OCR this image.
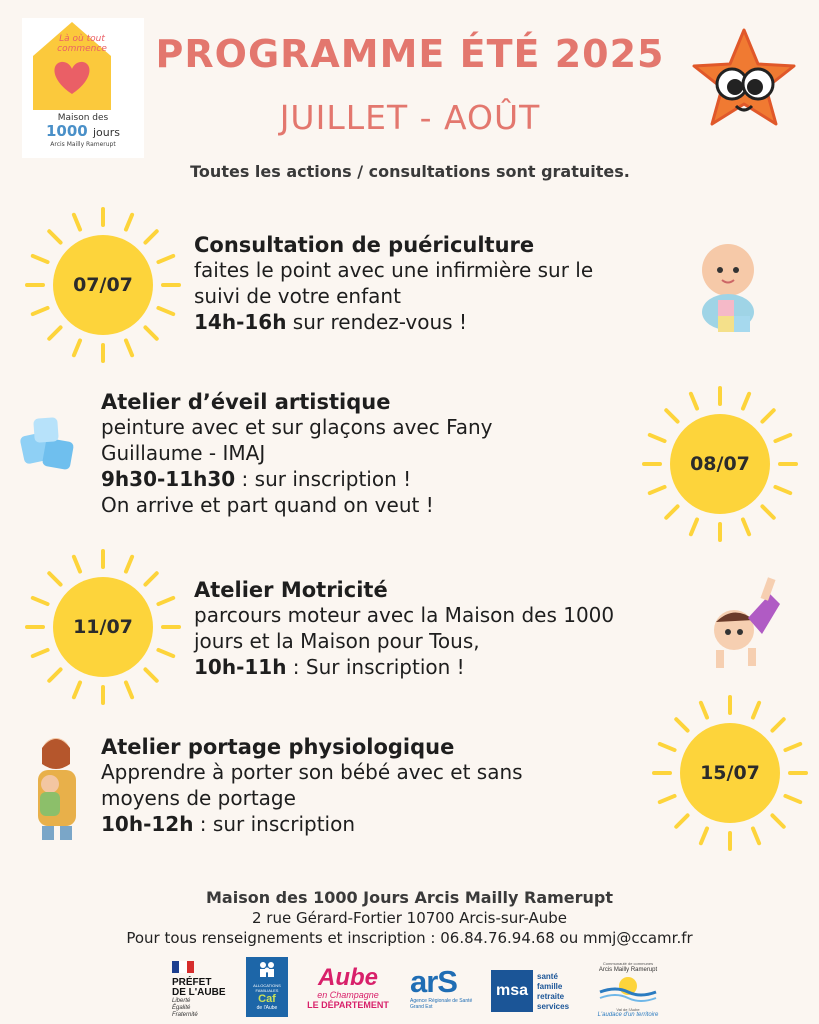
Là où tout commence
Maison des
1000 jours
Arcis Mailly Ramerupt
PROGRAMME ÉTÉ 2025
JUILLET - AOÛT
Toutes les actions / consultations sont gratuites.
07/07
Consultation de puériculture
faites le point avec une infirmière sur le
suivi de votre enfant
14h-16h sur rendez-vous !
Atelier d’éveil artistique
peinture avec et sur glaçons avec Fany
Guillaume - IMAJ
9h30-11h30 : sur inscription !
On arrive et part quand on veut !
08/07
11/07
Atelier Motricité
parcours moteur avec la Maison des 1000
jours et la Maison pour Tous,
10h-11h : Sur inscription !
Atelier portage physiologique
Apprendre à porter son bébé avec et sans
moyens de portage
10h-12h : sur inscription
15/07
Maison des 1000 Jours Arcis Mailly Ramerupt
2 rue Gérard-Fortier 10700 Arcis-sur-Aube
Pour tous renseignements et inscription : 06.84.76.94.68 ou mmj@ccamr.fr
PRÉFET
DE L'AUBE
Liberté
Égalité
Fraternité
ALLOCATIONS
FAMILIALES
Caf
de l'Aube
Aube
en Champagne
LE DÉPARTEMENT
arS
Agence Régionale de Santé
Grand Est
msa
santé
famille
retraite
services
Communauté de communes
Arcis Mailly Ramerupt
Val de l'Aube
L'audace d'un territoire
